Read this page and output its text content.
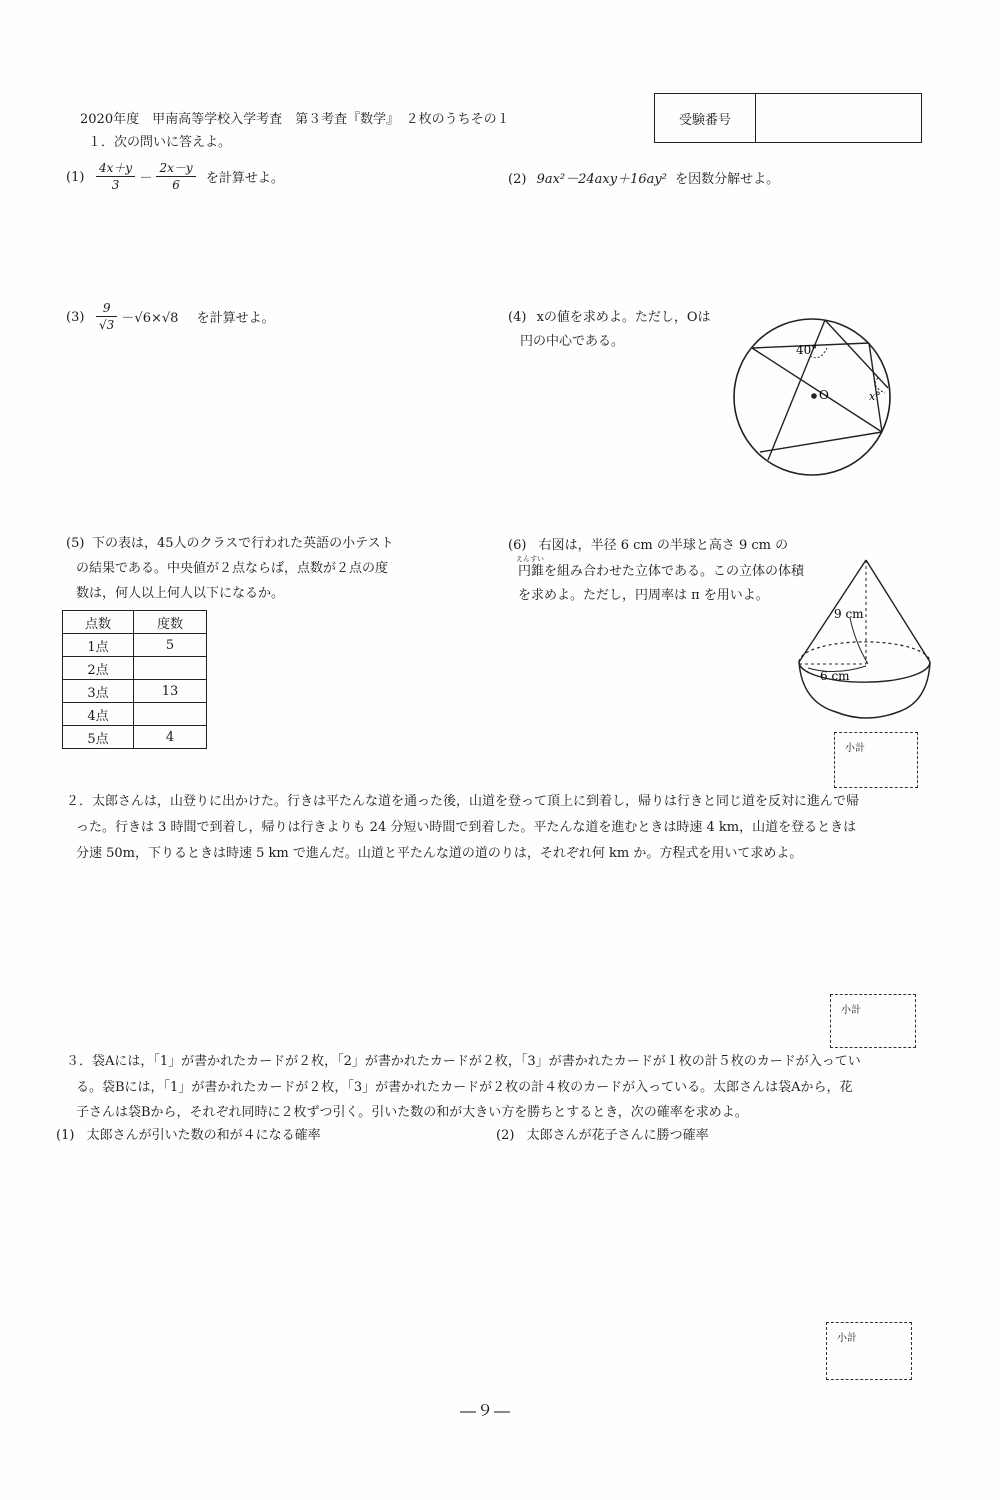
2020年度　甲南高等学校入学考査　第３考査『数学』　２枚のうちその１	受験番号
１．次の問いに答えよ。
$(1) \frac{4x+y}{3} - \frac{2x-y}{6}$ を計算せよ。	(2) 9ax²－24axy＋16ay² を因数分解せよ。
$(3) \frac{9}{√3} -√6\times√8$ を計算せよ。	(4) xの値を求めよ。ただし，Oは
円の中心である。
40°
O	x°
(5) 下の表は，45人のクラスで行われた英語の小テスト
の結果である。中央値が２点ならば，点数が２点の度
数は，何人以上何人以下になるか。
点数	度数
1点	5
2点	
3点	13
4点	
5点	4
(6) 右図は，半径 6 cm の半球と高さ 9 cm の
えんすい
円錐を組み合わせた立体である。この立体の体積
を求めよ。ただし，円周率は π を用いよ。
9 cm
6 cm
小計
２．太郎さんは，山登りに出かけた。行きは平たんな道を通った後，山道を登って頂上に到着し，帰りは行きと同じ道を反対に進んで帰
った。行きは 3 時間で到着し，帰りは行きよりも 24 分短い時間で到着した。平たんな道を進むときは時速 4 km，山道を登るときは
分速 50m，下りるときは時速 5 km で進んだ。山道と平たんな道の道のりは，それぞれ何 km か。方程式を用いて求めよ。
小計
３．袋Aには，「1」が書かれたカードが２枚，「2」が書かれたカードが２枚，「3」が書かれたカードが１枚の計５枚のカードが入ってい
る。袋Bには，「1」が書かれたカードが２枚，「3」が書かれたカードが２枚の計４枚のカードが入っている。太郎さんは袋Aから，花
子さんは袋Bから，それぞれ同時に２枚ずつ引く。引いた数の和が大きい方を勝ちとするとき，次の確率を求めよ。
(1) 太郎さんが引いた数の和が４になる確率	(2) 太郎さんが花子さんに勝つ確率
小計
―９―
